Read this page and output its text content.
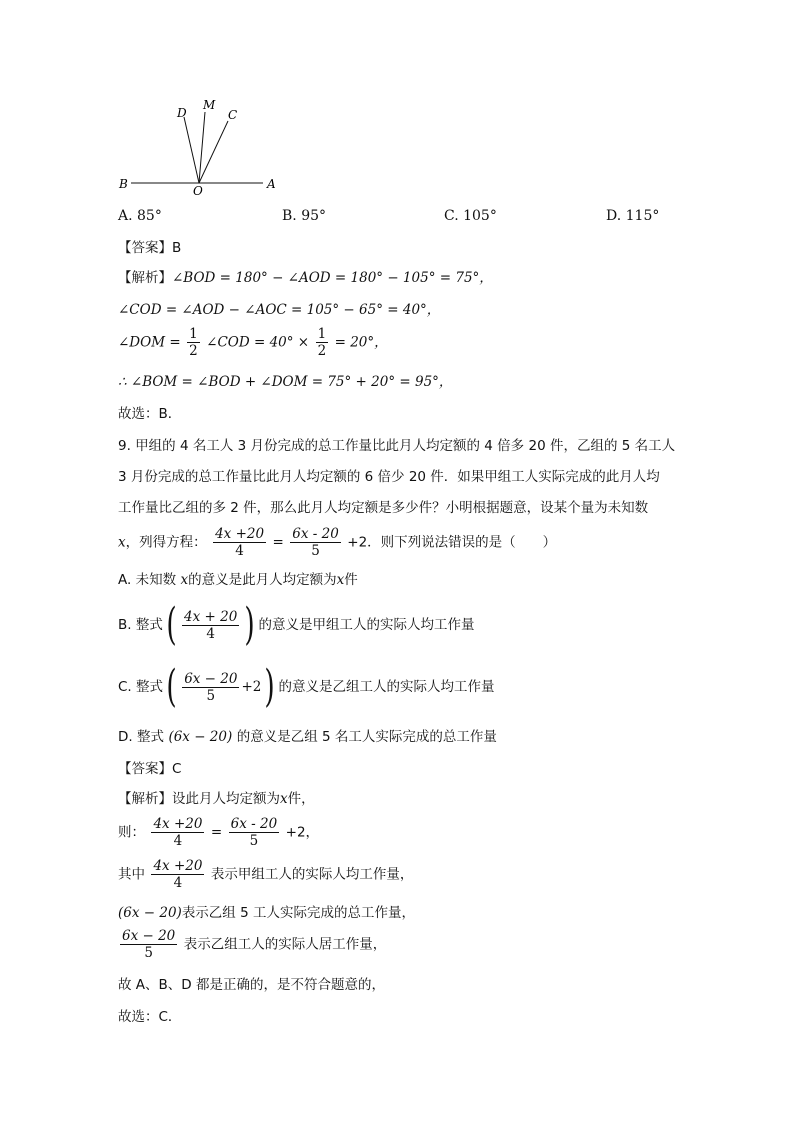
D
M
C
B	O	A
A. 85°	B. 95°	C. 105°	D. 115°
【答案】B
【解析】∠BOD = 180° − ∠AOD = 180° − 105° = 75°，
∠COD = ∠AOD − ∠AOC = 105° − 65° = 40°，
∠DOM = $\frac{1}{2}$ ∠COD = $40^\circ \times \frac{1}{2} = 20^\circ$，
∴ ∠BOM = ∠BOD + ∠DOM = 75° + 20° = 95°，
故选：B．
9. 甲组的 4 名工人 3 月份完成的总工作量比此月人均定额的 4 倍多 20 件，乙组的 5 名工人
3 月份完成的总工作量比此月人均定额的 6 倍少 20 件．如果甲组工人实际完成的此月人均
工作量比乙组的多 2 件，那么此月人均定额是多少件？小明根据题意，设某个量为未知数
x，列得方程： $\frac{4x +20}{4} = \frac{6x - 20}{5} +2$．则下列说法错误的是（　　）
A. 未知数 x的意义是此月人均定额为x件
B. 整式 ( $\frac{4x + 20}{4}$ ) 的意义是甲组工人的实际人均工作量
C. 整式 ( $\frac{6x - 20}{5} +2$ ) 的意义是乙组工人的实际人均工作量
D. 整式 (6x − 20) 的意义是乙组 5 名工人实际完成的总工作量
【答案】C
【解析】设此月人均定额为x件，
则： $\frac{4x +20}{4} = \frac{6x - 20}{5} +2$，
其中 $\frac{4x +20}{4}$ 表示甲组工人的实际人均工作量，
(6x − 20)表示乙组 5 工人实际完成的总工作量，
$\frac{6x - 20}{5}$ 表示乙组工人的实际人居工作量，
故 A、B、D 都是正确的，是不符合题意的，
故选：C．
